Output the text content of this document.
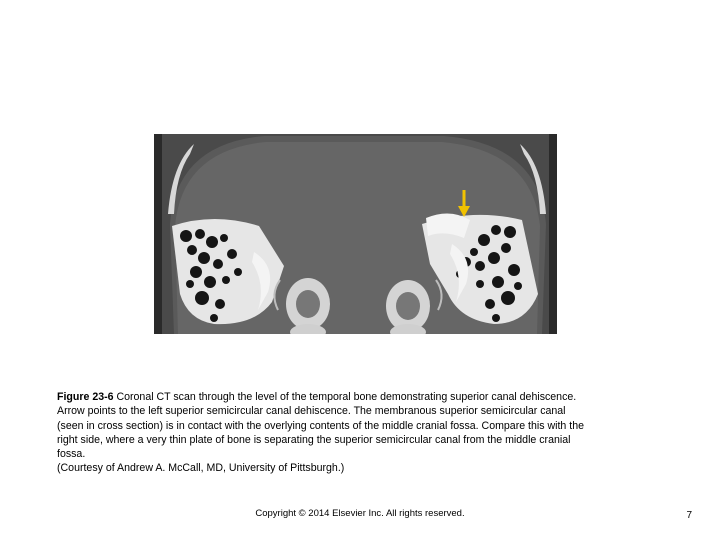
Figure 23-6 Coronal CT scan through the level of the temporal bone demonstrating superior canal dehiscence.
Arrow points to the left superior semicircular canal dehiscence. The membranous superior semicircular canal
(seen in cross section) is in contact with the overlying contents of the middle cranial fossa. Compare this with the
right side, where a very thin plate of bone is separating the superior semicircular canal from the middle cranial
fossa.
(Courtesy of Andrew A. McCall, MD, University of Pittsburgh.)
Copyright © 2014 Elsevier Inc. All rights reserved.	7
